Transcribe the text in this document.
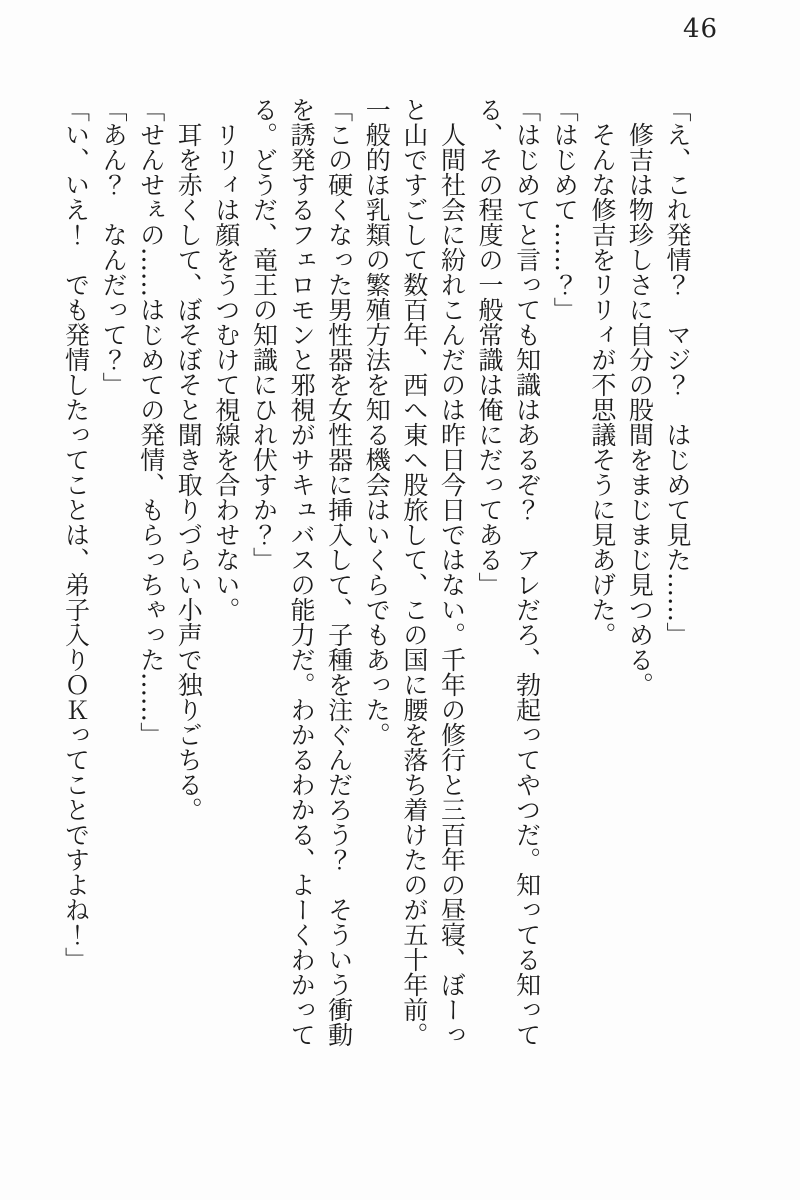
46

「え、これ発情？　マジ？　はじめて見た……」

　修吉は物珍しさに自分の股間をまじまじ見つめる。

　そんな修吉をリリィが不思議そうに見あげた。

「はじめて……？」

「はじめてと言っても知識はあるぞ？　アレだろ、勃起ってやつだ。知ってる知って

る、その程度の一般常識は俺にだってある」

　人間社会に紛れこんだのは昨日今日ではない。千年の修行と三百年の昼寝、ぼーっ

と山ですごして数百年、西へ東へ股旅して、この国に腰を落ち着けたのが五十年前。

一般的ほ乳類の繁殖方法を知る機会はいくらでもあった。

「この硬くなった男性器を女性器に挿入して、子種を注ぐんだろう？　そういう衝動

を誘発するフェロモンと邪視がサキュバスの能力だ。わかるわかる、よーくわかって

る。どうだ、竜王の知識にひれ伏すか？」

　リリィは顔をうつむけて視線を合わせない。

　耳を赤くして、ぼそぼそと聞き取りづらい小声で独りごちる。

「せんせぇの……はじめての発情、もらっちゃった……」

「あん？　なんだって？」

「い、いえ！　でも発情したってことは、弟子入りＯＫってことですよね！」
